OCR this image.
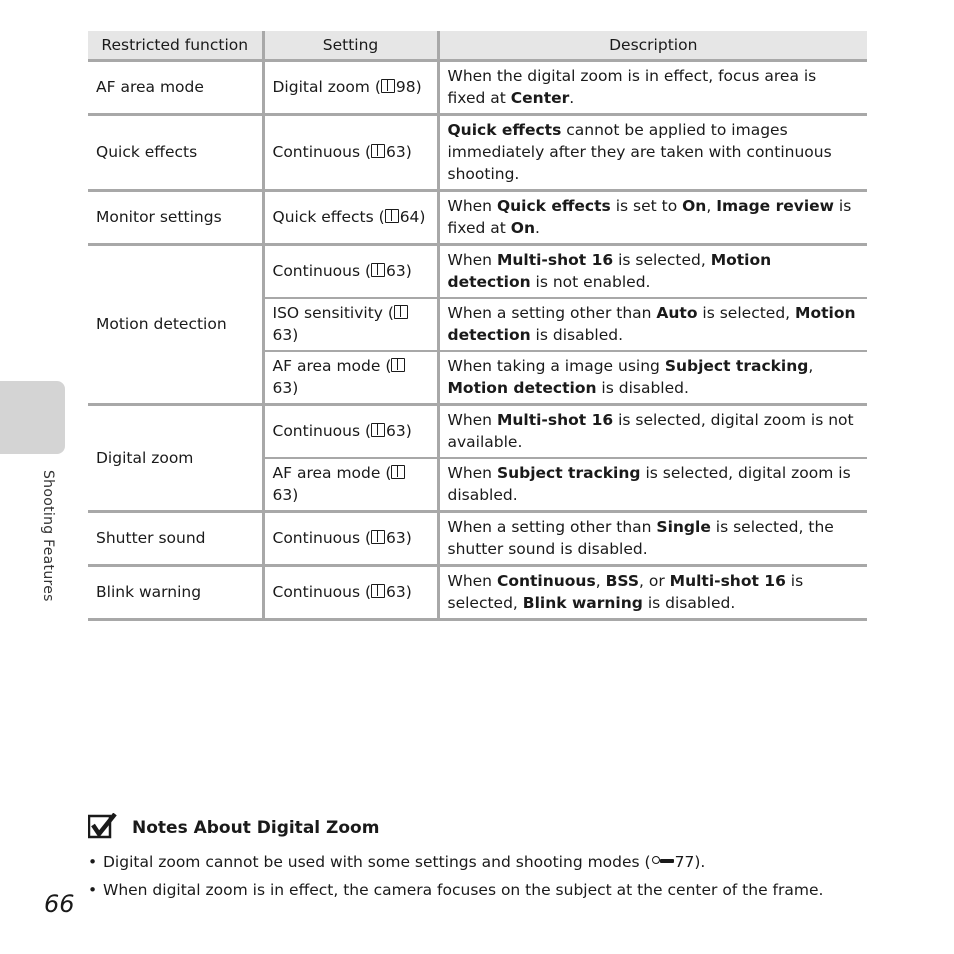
Shooting Features
Restricted function	Setting	Description
AF area mode	Digital zoom ( 98)	When the digital zoom is in effect, focus area is fixed at Center.
Quick effects	Continuous ( 63)	Quick effects cannot be applied to images immediately after they are taken with continuous shooting.
Monitor settings	Quick effects ( 64)	When Quick effects is set to On, Image review is fixed at On.
Motion detection	Continuous ( 63)	When Multi-shot 16 is selected, Motion detection is not enabled.
	ISO sensitivity (63)	When a setting other than Auto is selected, Motion detection is disabled.
	AF area mode (63)	When taking a image using Subject tracking, Motion detection is disabled.
Digital zoom	Continuous ( 63)	When Multi-shot 16 is selected, digital zoom is not available.
	AF area mode (63)	When Subject tracking is selected, digital zoom is disabled.
Shutter sound	Continuous ( 63)	When a setting other than Single is selected, the shutter sound is disabled.
Blink warning	Continuous ( 63)	When Continuous, BSS, or Multi-shot 16 is selected, Blink warning is disabled.
Notes About Digital Zoom
• Digital zoom cannot be used with some settings and shooting modes ( 77).
• When digital zoom is in effect, the camera focuses on the subject at the center of the frame.
66
